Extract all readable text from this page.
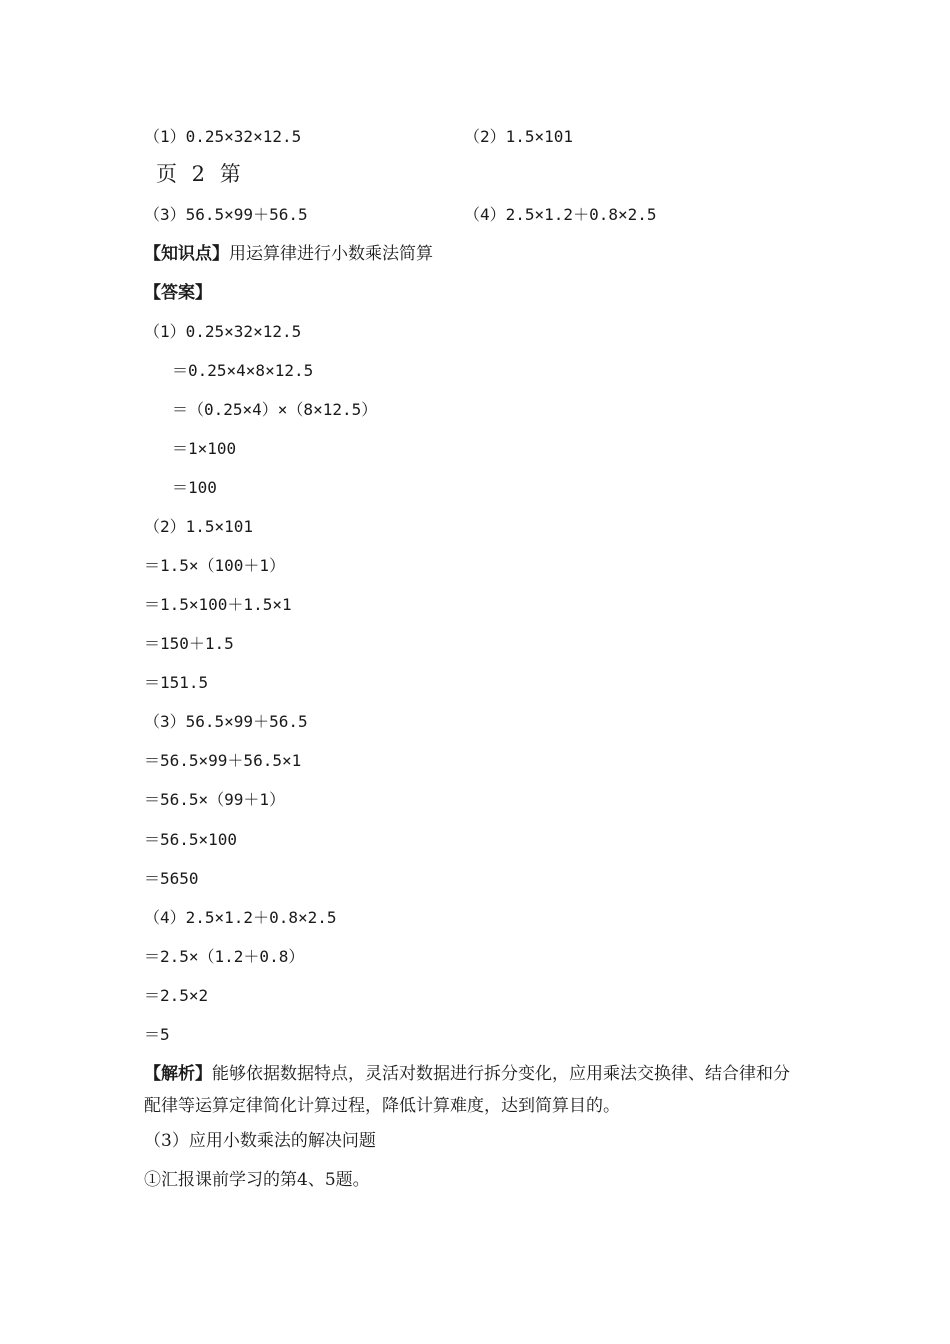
（1）0.25×32×12.5	（2）1.5×101
页 2 第
（3）56.5×99＋56.5	（4）2.5×1.2＋0.8×2.5
【知识点】用运算律进行小数乘法简算
【答案】
（1）0.25×32×12.5
＝0.25×4×8×12.5
＝（0.25×4）×（8×12.5）
＝1×100
＝100
（2）1.5×101
＝1.5×（100＋1）
＝1.5×100＋1.5×1
＝150＋1.5
＝151.5
（3）56.5×99＋56.5
＝56.5×99＋56.5×1
＝56.5×（99＋1）
＝56.5×100
＝5650
（4）2.5×1.2＋0.8×2.5
＝2.5×（1.2＋0.8）
＝2.5×2
＝5
【解析】能够依据数据特点，灵活对数据进行拆分变化，应用乘法交换律、结合律和分配律等运算定律简化计算过程，降低计算难度，达到简算目的。
（3）应用小数乘法的解决问题
①汇报课前学习的第4、5题。
